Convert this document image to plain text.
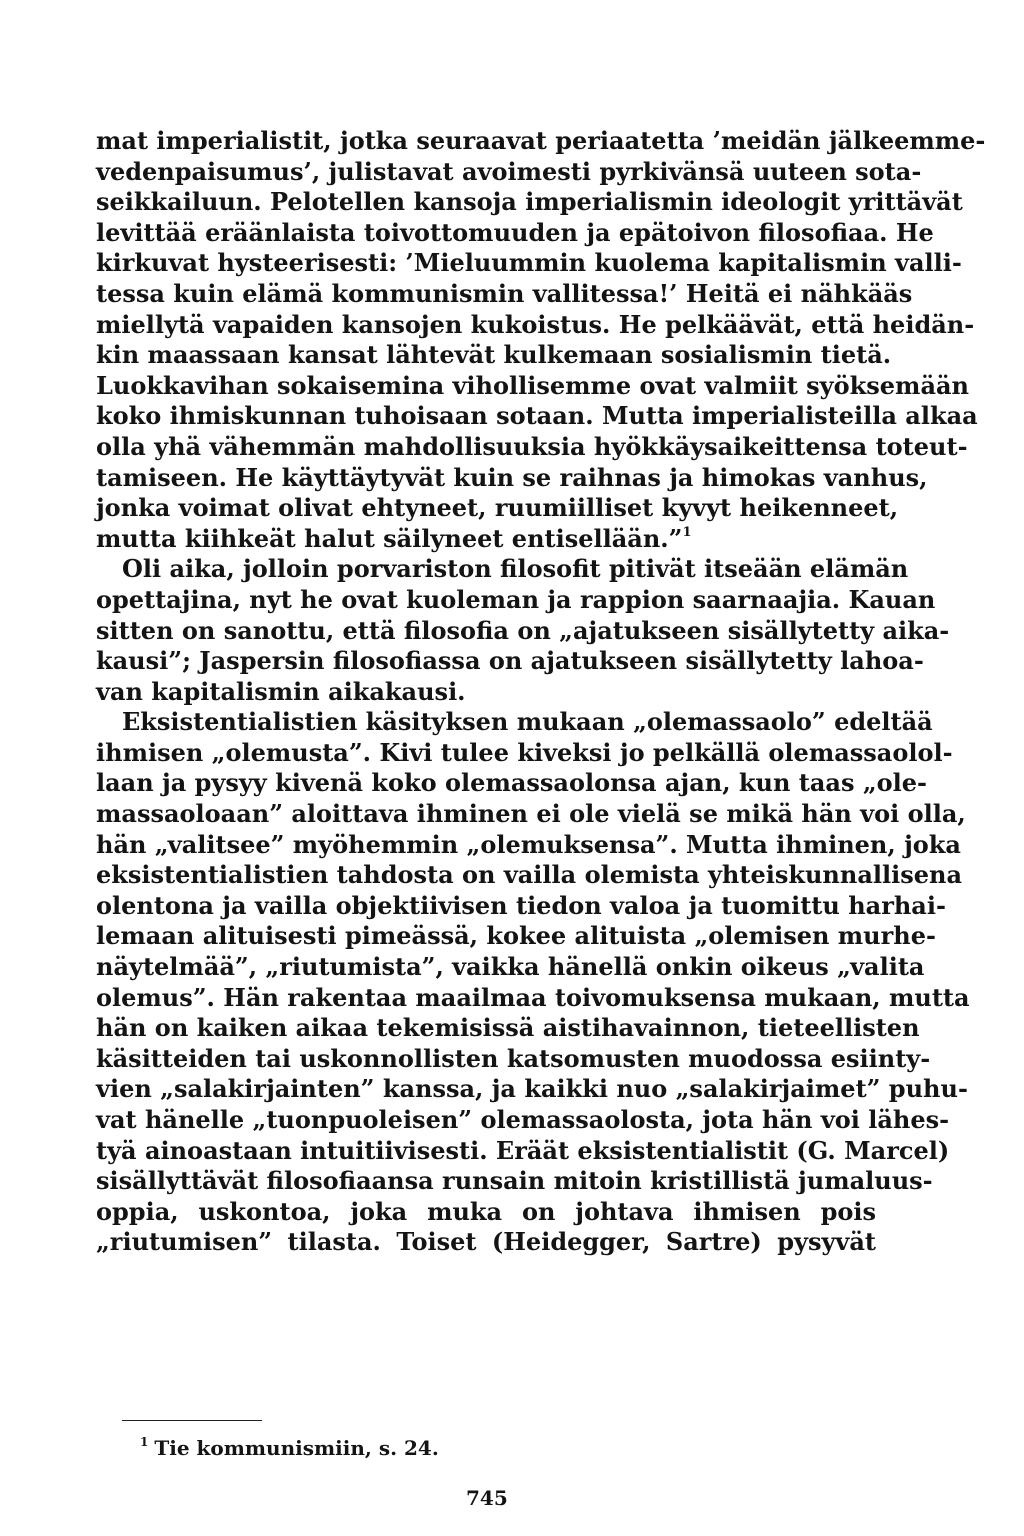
mat imperialistit, jotka seuraavat periaatetta ’meidän jälkeemme-
vedenpaisumus’, julistavat avoimesti pyrkivänsä uuteen sota-
seikkailuun. Pelotellen kansoja imperialismin ideologit yrittävät
levittää eräänlaista toivottomuuden ja epätoivon filosofiaa. He
kirkuvat hysteerisesti: ’Mieluummin kuolema kapitalismin valli-
tessa kuin elämä kommunismin vallitessa!’ Heitä ei nähkääs
miellytä vapaiden kansojen kukoistus. He pelkäävät, että heidän-
kin maassaan kansat lähtevät kulkemaan sosialismin tietä.
Luokkavihan sokaisemina vihollisemme ovat valmiit syöksemään
koko ihmiskunnan tuhoisaan sotaan. Mutta imperialisteilla alkaa
olla yhä vähemmän mahdollisuuksia hyökkäysaikeittensa toteut-
tamiseen. He käyttäytyvät kuin se raihnas ja himokas vanhus,
jonka voimat olivat ehtyneet, ruumiilliset kyvyt heikenneet,
mutta kiihkeät halut säilyneet entisellään.”$^1$
Oli aika, jolloin porvariston filosofit pitivät itseään elämän
opettajina, nyt he ovat kuoleman ja rappion saarnaajia. Kauan
sitten on sanottu, että filosofia on „ajatukseen sisällytetty aika-
kausi”; Jaspersin filosofiassa on ajatukseen sisällytetty lahoa-
van kapitalismin aikakausi.
Eksistentialistien käsityksen mukaan „olemassaolo” edeltää
ihmisen „olemusta”. Kivi tulee kiveksi jo pelkällä olemassaolol-
laan ja pysyy kivenä koko olemassaolonsa ajan, kun taas „ole-
massaoloaan” aloittava ihminen ei ole vielä se mikä hän voi olla,
hän „valitsee” myöhemmin „olemuksensa”. Mutta ihminen, joka
eksistentialistien tahdosta on vailla olemista yhteiskunnallisena
olentona ja vailla objektiivisen tiedon valoa ja tuomittu harhai-
lemaan alituisesti pimeässä, kokee alituista „olemisen murhe-
näytelmää”, „riutumista”, vaikka hänellä onkin oikeus „valita
olemus”. Hän rakentaa maailmaa toivomuksensa mukaan, mutta
hän on kaiken aikaa tekemisissä aistihavainnon, tieteellisten
käsitteiden tai uskonnollisten katsomusten muodossa esiinty-
vien „salakirjainten” kanssa, ja kaikki nuo „salakirjaimet” puhu-
vat hänelle „tuonpuoleisen” olemassaolosta, jota hän voi lähes-
tyä ainoastaan intuitiivisesti. Eräät eksistentialistit (G. Marcel)
sisällyttävät filosofiaansa runsain mitoin kristillistä jumaluus-
oppia, uskontoa, joka muka on johtava ihmisen pois
„riutumisen” tilasta. Toiset (Heidegger, Sartre) pysyvät
$^1$ Tie kommunismiin, s. 24.
745
